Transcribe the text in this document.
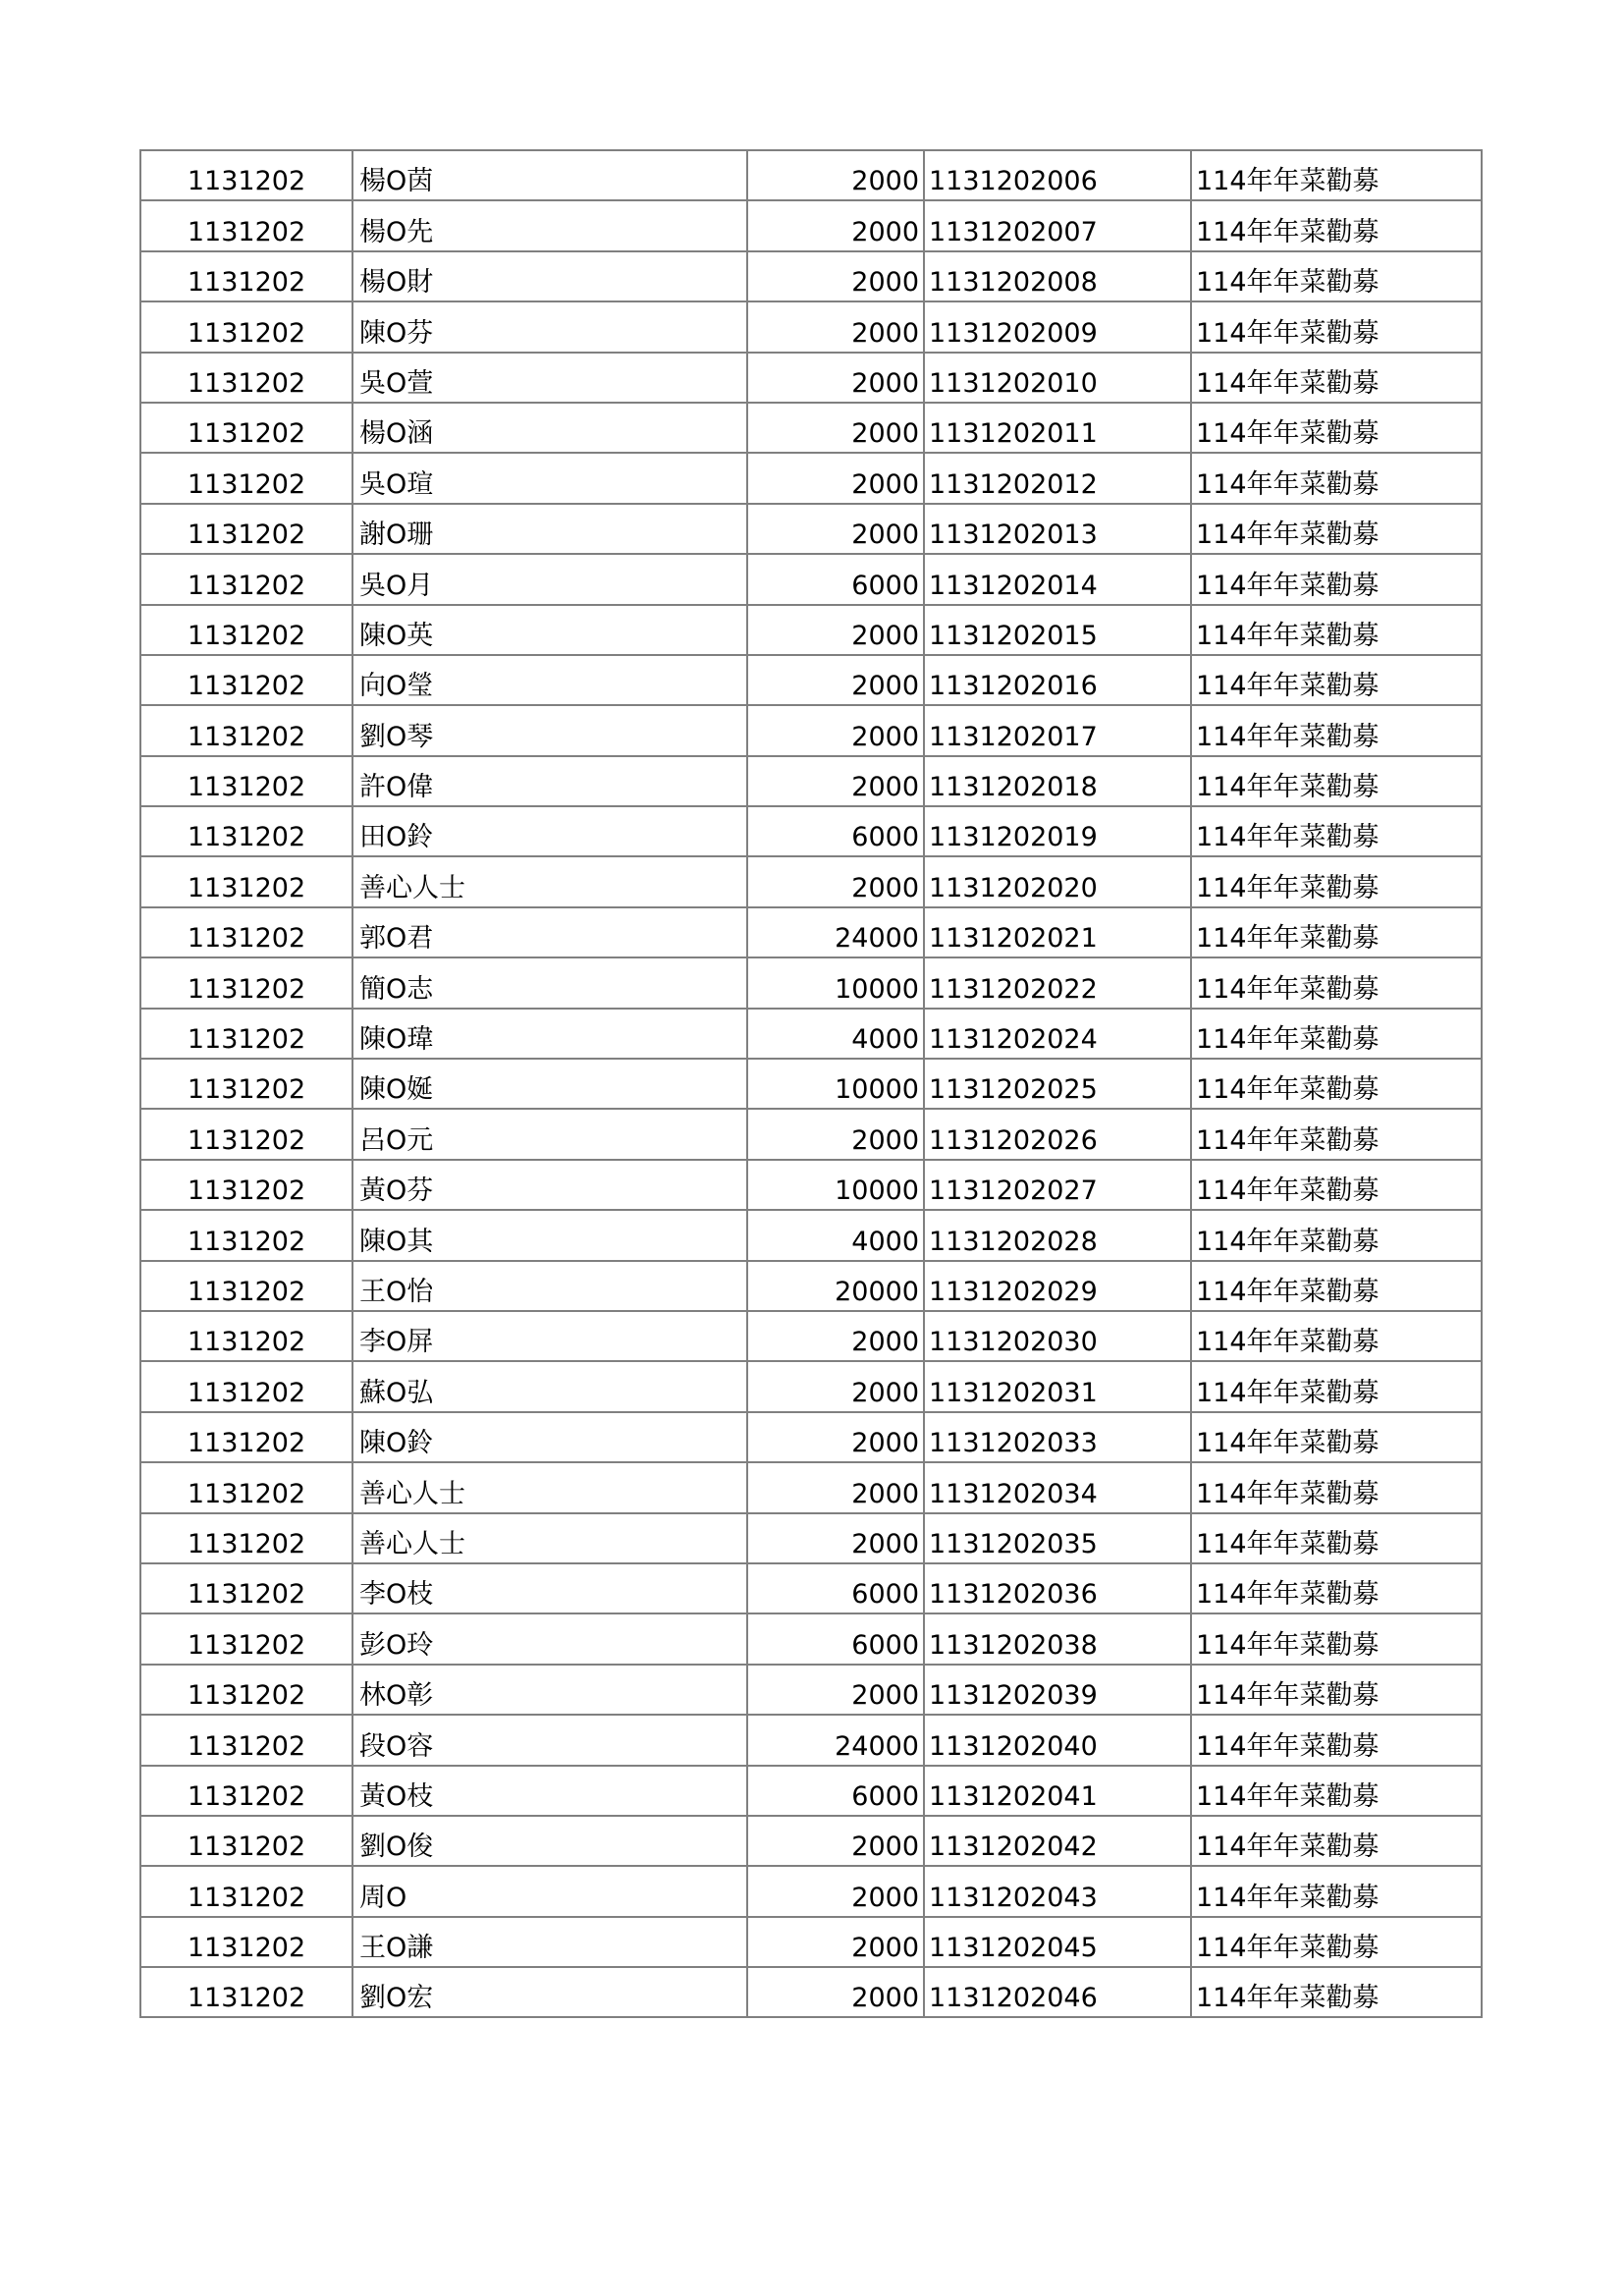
1131202	楊O茵	2000	1131202006	114年年菜勸募
1131202	楊O先	2000	1131202007	114年年菜勸募
1131202	楊O財	2000	1131202008	114年年菜勸募
1131202	陳O芬	2000	1131202009	114年年菜勸募
1131202	吳O萱	2000	1131202010	114年年菜勸募
1131202	楊O涵	2000	1131202011	114年年菜勸募
1131202	吳O瑄	2000	1131202012	114年年菜勸募
1131202	謝O珊	2000	1131202013	114年年菜勸募
1131202	吳O月	6000	1131202014	114年年菜勸募
1131202	陳O英	2000	1131202015	114年年菜勸募
1131202	向O瑩	2000	1131202016	114年年菜勸募
1131202	劉O琴	2000	1131202017	114年年菜勸募
1131202	許O偉	2000	1131202018	114年年菜勸募
1131202	田O鈴	6000	1131202019	114年年菜勸募
1131202	善心人士	2000	1131202020	114年年菜勸募
1131202	郭O君	24000	1131202021	114年年菜勸募
1131202	簡O志	10000	1131202022	114年年菜勸募
1131202	陳O瑋	4000	1131202024	114年年菜勸募
1131202	陳O娫	10000	1131202025	114年年菜勸募
1131202	呂O元	2000	1131202026	114年年菜勸募
1131202	黃O芬	10000	1131202027	114年年菜勸募
1131202	陳O其	4000	1131202028	114年年菜勸募
1131202	王O怡	20000	1131202029	114年年菜勸募
1131202	李O屏	2000	1131202030	114年年菜勸募
1131202	蘇O弘	2000	1131202031	114年年菜勸募
1131202	陳O鈴	2000	1131202033	114年年菜勸募
1131202	善心人士	2000	1131202034	114年年菜勸募
1131202	善心人士	2000	1131202035	114年年菜勸募
1131202	李O枝	6000	1131202036	114年年菜勸募
1131202	彭O玲	6000	1131202038	114年年菜勸募
1131202	林O彰	2000	1131202039	114年年菜勸募
1131202	段O容	24000	1131202040	114年年菜勸募
1131202	黃O枝	6000	1131202041	114年年菜勸募
1131202	劉O俊	2000	1131202042	114年年菜勸募
1131202	周O	2000	1131202043	114年年菜勸募
1131202	王O謙	2000	1131202045	114年年菜勸募
1131202	劉O宏	2000	1131202046	114年年菜勸募
